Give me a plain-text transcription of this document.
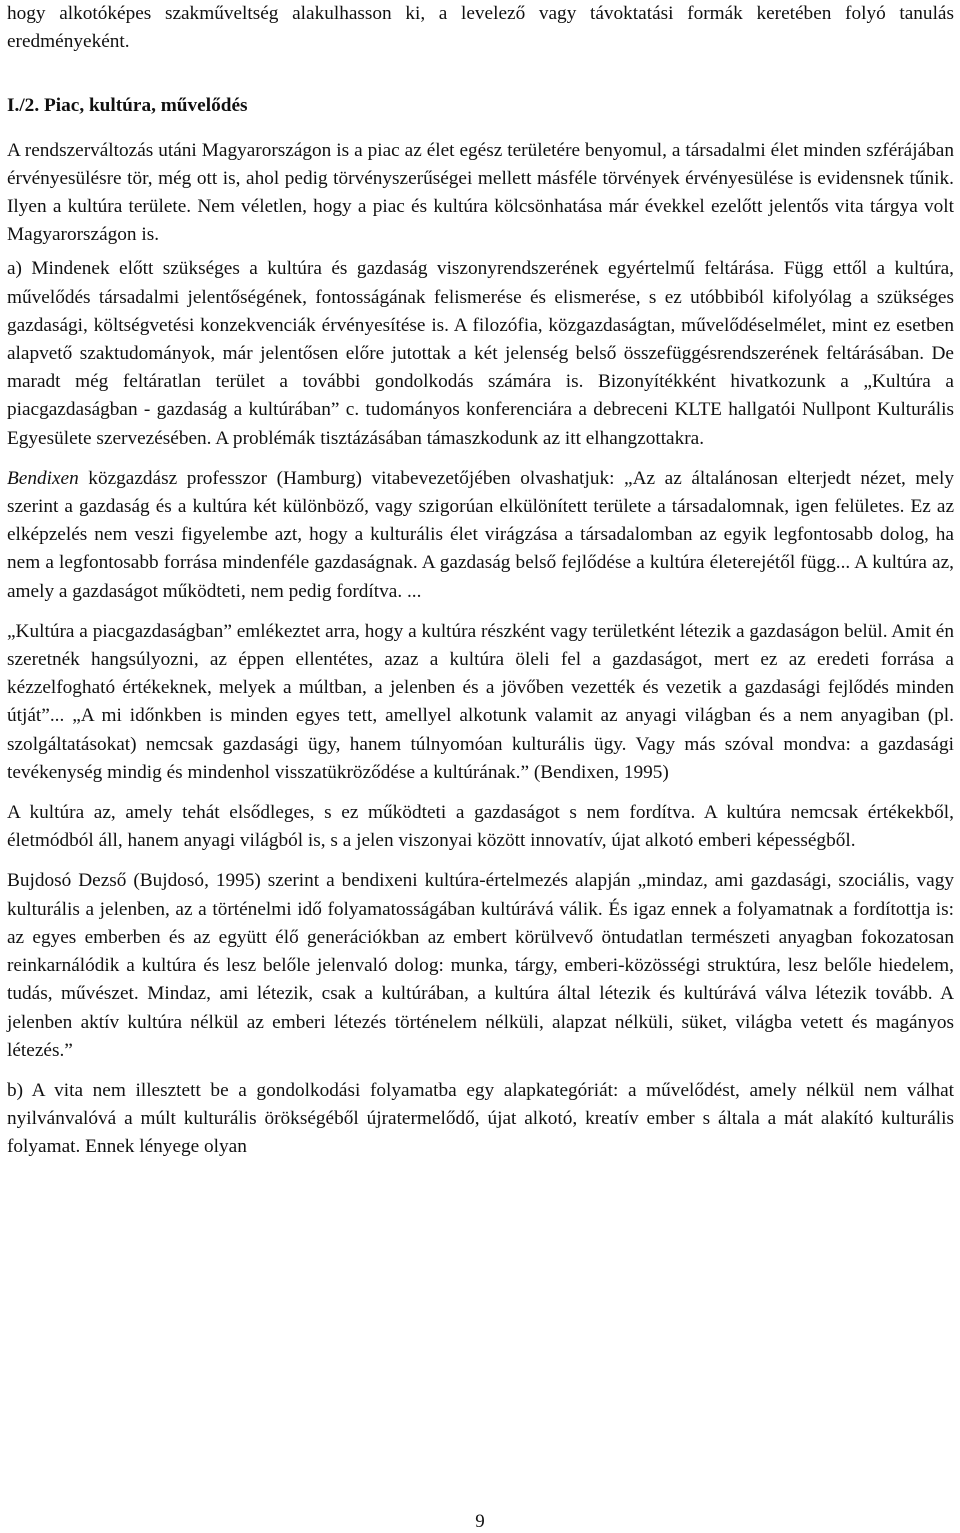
hogy alkotóképes szakműveltség alakulhasson ki, a levelező vagy távoktatási formák keretében folyó tanulás eredményeként.

I./2. Piac, kultúra, művelődés

A rendszerváltozás utáni Magyarországon is a piac az élet egész területére benyomul, a társadalmi élet minden szférájában érvényesülésre tör, még ott is, ahol pedig törvényszerűségei mellett másféle törvények érvényesülése is evidensnek tűnik. Ilyen a kultúra területe. Nem véletlen, hogy a piac és kultúra kölcsönhatása már évekkel ezelőtt jelentős vita tárgya volt Magyarországon is.

a) Mindenek előtt szükséges a kultúra és gazdaság viszonyrendszerének egyértelmű feltárása. Függ ettől a kultúra, művelődés társadalmi jelentőségének, fontosságának felismerése és elismerése, s ez utóbbiból kifolyólag a szükséges gazdasági, költségvetési konzekvenciák érvényesítése is. A filozófia, közgazdaságtan, művelődéselmélet, mint ez esetben alapvető szaktudományok, már jelentősen előre jutottak a két jelenség belső összefüggésrendszerének feltárásában. De maradt még feltáratlan terület a további gondolkodás számára is. Bizonyítékként hivatkozunk a „Kultúra a piacgazdaságban - gazdaság a kultúrában” c. tudományos konferenciára a debreceni KLTE hallgatói Nullpont Kulturális Egyesülete szervezésében. A problémák tisztázásában támaszkodunk az itt elhangzottakra.

Bendixen közgazdász professzor (Hamburg) vitabevezetőjében olvashatjuk: „Az az általánosan elterjedt nézet, mely szerint a gazdaság és a kultúra két különböző, vagy szigorúan elkülönített területe a társadalomnak, igen felületes. Ez az elképzelés nem veszi figyelembe azt, hogy a kulturális élet virágzása a társadalomban az egyik legfontosabb dolog, ha nem a legfontosabb forrása mindenféle gazdaságnak. A gazdaság belső fejlődése a kultúra életerejétől függ... A kultúra az, amely a gazdaságot működteti, nem pedig fordítva. ...

„Kultúra a piacgazdaságban” emlékeztet arra, hogy a kultúra részként vagy területként létezik a gazdaságon belül. Amit én szeretnék hangsúlyozni, az éppen ellentétes, azaz a kultúra öleli fel a gazdaságot, mert ez az eredeti forrása a kézzelfogható értékeknek, melyek a múltban, a jelenben és a jövőben vezették és vezetik a gazdasági fejlődés minden útját”... „A mi időnkben is minden egyes tett, amellyel alkotunk valamit az anyagi világban és a nem anyagiban (pl. szolgáltatásokat) nemcsak gazdasági ügy, hanem túlnyomóan kulturális ügy. Vagy más szóval mondva: a gazdasági tevékenység mindig és mindenhol visszatükröződése a kultúrának.” (Bendixen, 1995)

A kultúra az, amely tehát elsődleges, s ez működteti a gazdaságot s nem fordítva. A kultúra nemcsak értékekből, életmódból áll, hanem anyagi világból is, s a jelen viszonyai között innovatív, újat alkotó emberi képességből.

Bujdosó Dezső (Bujdosó, 1995) szerint a bendixeni kultúra-értelmezés alapján „mindaz, ami gazdasági, szociális, vagy kulturális a jelenben, az a történelmi idő folyamatosságában kultúrává válik. És igaz ennek a folyamatnak a fordítottja is: az egyes emberben és az együtt élő generációkban az embert körülvevő öntudatlan természeti anyagban fokozatosan reinkarnálódik a kultúra és lesz belőle jelenvaló dolog: munka, tárgy, emberi-közösségi struktúra, lesz belőle hiedelem, tudás, művészet. Mindaz, ami létezik, csak a kultúrában, a kultúra által létezik és kultúrává válva létezik tovább. A jelenben aktív kultúra nélkül az emberi létezés történelem nélküli, alapzat nélküli, süket, világba vetett és magányos létezés.”

b) A vita nem illesztett be a gondolkodási folyamatba egy alapkategóriát: a művelődést, amely nélkül nem válhat nyilvánvalóvá a múlt kulturális örökségéből újratermelődő, újat alkotó, kreatív ember s általa a mát alakító kulturális folyamat. Ennek lényege olyan

9
